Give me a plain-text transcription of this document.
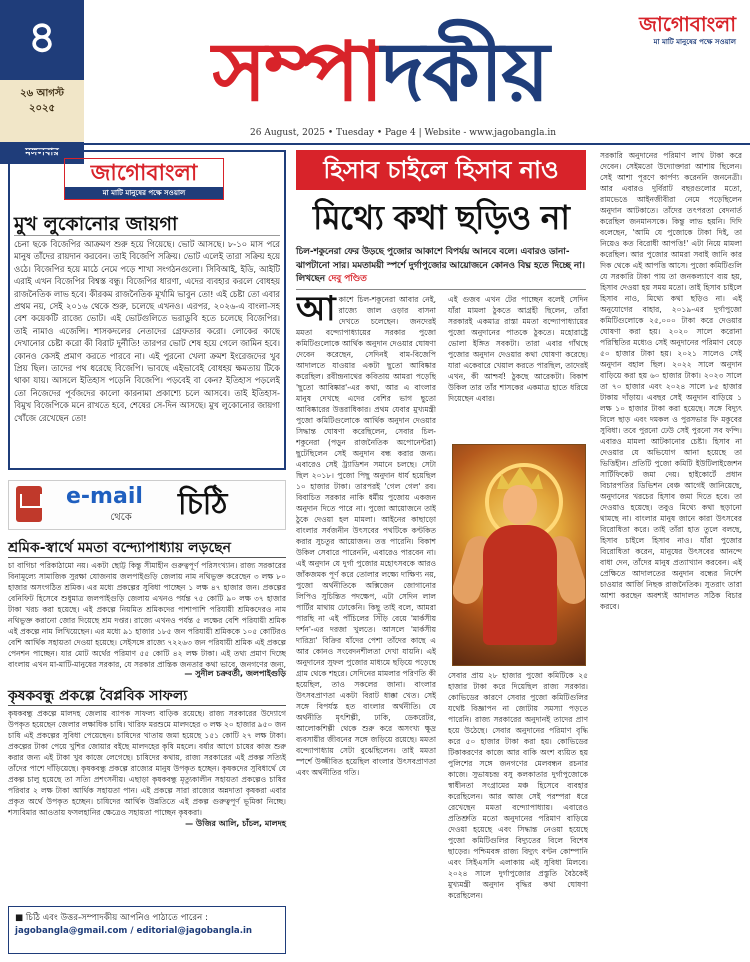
৪
২৬ আগস্ট
২০২৫
মঙ্গলবার
সম্পাদকীয়	জাগোবাংলা
মা মাটি মানুষের পক্ষে সওয়াল
26 August, 2025 • Tuesday • Page 4 | Website - www.jagobangla.in
জাগোবাংলা
মা মাটি মানুষের পক্ষে সওয়াল
মুখ লুকোনোর জায়গা
চেনা ছকে বিজেপির আক্রমণ শুরু হয়ে গিয়েছে। ভোট আসছে। ৮-১০ মাস পরে মানুষ তাঁদের রায়দান করবেন। তাই বিজেপি সক্রিয়। ভোট এলেই তারা সক্রিয় হয়ে ওঠে। বিজেপির হয়ে মাঠে নেমে পড়ে শাখা সংগঠনগুলো। সিবিআই, ইডি, আইটি এরাই এখন বিজেপির বিশ্বস্ত বন্ধু। বিজেপির ধারণা, এদের ব্যবহার করলে বোধহয় রাজনৈতিক লাভ হবে। কীরকম রাজনৈতিক মূর্খামি ভাবুন তো! এই চেষ্টা তো এবার প্রথম নয়, সেই ২০১৬ থেকে শুরু, চলেছে এখনও। এরপর, ২০২৬-এ বাংলা-সহ বেশ কয়েকটি রাজ্যে ভোট। এই ভোটগুলিতে ভরাডুবি হতে চলেছে বিজেপির। তাই নামাও এজেন্সি। শাসকদলের নেতাদের গ্রেফতার করো। লোকের কাছে দেখানোর চেষ্টা করো কী বিরাট দুর্নীতি! তারপর ভোট শেষ হয়ে গেলে জামিন হবে। কোনও কেসই প্রমাণ করতে পারবে না। এই পুরনো খেলা ক্রমশ ইংরেজদের খুব প্রিয় ছিল। তাদের পথ ধরেছে বিজেপি। ভাবছে এইভাবেই বোধহয় ক্ষমতায় টিকে থাকা যায়। আসলে ইতিহাস পড়েনি বিজেপি। পড়বেই বা কেন? ইতিহাস পড়লেই তো নিজেদের পূর্বজদের কালো কারনামা প্রকাশ্যে চলে আসবে। তাই ইতিহাস-বিমুখ বিজেপিকে মনে রাখতে হবে, শেষের সে-দিন আসছে। মুখ লুকোনোর জায়গা খোঁজে রেখেছেন তো!
e-mail
থেকে	চিঠি
শ্রমিক-স্বার্থে মমতা বন্দ্যোপাধ্যায় লড়ছেন
চা বাগিচা পরিকাঠামো নয়। একটা ছোট্ট কিন্তু সীমাহীন গুরুত্বপূর্ণ পরিসংখ্যান। রাজ্য সরকারের বিনামূল্যে সামাজিক সুরক্ষা যোজনায় জলপাইগুড়ি জেলায় নাম নথিভুক্ত করেছেন ৩ লক্ষ ৮০ হাজার অসংগঠিত শ্রমিক। এর মধ্যে প্রকল্পের সুবিধা পাচ্ছেন ১ লক্ষ ৪৭ হাজার জন। প্রকল্পের বেনিফিট হিসেবে শুধুমাত্র জলপাইগুড়ি জেলায় এখনও পর্যন্ত ৭৫ কোটি ৯০ লক্ষ ৩৭ হাজার টাকা খরচ করা হয়েছে। এই প্রকল্পে নিয়মিত শ্রমিকদের পাশাপাশি পরিযায়ী শ্রমিকদেরও নাম নথিভুক্ত করানো জোর দিয়েছে শ্রম দপ্তর। রাজ্যে এখনও পর্যন্ত ৫ লক্ষের বেশি পরিযায়ী শ্রমিক এই প্রকল্পে নাম লিখিয়েছেন। এর মধ্যে ৯১ হাজার ১৮৫ জন পরিযায়ী শ্রমিককে ১০৫ কোটিরও বেশি আর্থিক সহায়তা দেওয়া হয়েছে। সেইসঙ্গে রাজ্যে ৭২২৬৩ জন পরিযায়ী শ্রমিক এই প্রকল্পে পেনশন পাচ্ছেন। যার মোট অর্থের পরিমাণ ৫৫ কোটি ৪২ লক্ষ টাকা। এই তথ্য প্রমাণ দিচ্ছে বাংলায় এখন মা-মাটি-মানুষের সরকার, যে সরকার প্রান্তিক জনতার কথা ভাবে, জনগণের জন্য,
— সুনীল চক্রবর্তী, জলপাইগুড়ি
কৃষকবন্ধু প্রকল্পে বৈপ্লবিক সাফল্য
কৃষকবন্ধু প্রকল্পে মালদহ জেলায় ব্যাপক সাফল্য বাড়িক রয়েছে। রাজ্য সরকারের উদ্যোগে উপকৃত হয়েছেন জেলার লক্ষাধিক চাষি। খারিফ মরশুমে মালদহের ৩ লক্ষ ২০ হাজার ৯৫০ জন চাষি এই প্রকল্পের সুবিধা পেয়েছেন। চাষিদের খাতায় জমা হয়েছে ১৫১ কোটি ২৭ লক্ষ টাকা। প্রকল্পের টাকা পেয়ে খুশির জোয়ার বইছে মালদহের কৃষি মহলে। বর্ষার আগে চাষের কাজ শুরু করার জন্য এই টাকা খুব কাজে লেগেছে। চাষিদের কথায়, রাজ্য সরকারের এই প্রকল্প সত্যিই তাঁদের পাশে দাঁড়িয়েছে। কৃষকবন্ধু প্রকল্পে রাজ্যের মানুষ উপকৃত হচ্ছেন। কৃষকদের সুবিধার্থে যে প্রকল্প চালু হয়েছে তা সত্যি প্রশংসনীয়। এছাড়া কৃষকবন্ধু মৃত্যুকালীন সহায়তা প্রকল্পেও চাষির পরিবার ২ লক্ষ টাকা আর্থিক সহায়তা পান। এই প্রকল্পে সারা রাজ্যের অন্নদাতা কৃষকরা এবার প্রকৃত অর্থে উপকৃত হচ্ছেন। চাষিদের আর্থিক উন্নতিতে এই প্রকল্প গুরুত্বপূর্ণ ভূমিকা নিচ্ছে। শস্যবিমার আওতায় ফসলহানির ক্ষেত্রেও সহায়তা পাচ্ছেন কৃষকরা।
— উজির আলি, চাঁচল, মালদহ
■ চিঠি এবং উত্তর-সম্পাদকীয় আপনিও পাঠাতে পারেন :
jagobangla@gmail.com / editorial@jagobangla.in
হিসাব চাইলে হিসাব নাও
মিথ্যে কথা ছড়িও না
চিল-শকুনেরা ফের উড়ছে পুজোর আকাশে বিপর্যয় আনবে বলে। এবারও ডানা-ঝাপটানো সার। মমতাময়ী স্পর্শে দুর্গাপুজোর আয়োজনে কোনও বিঘ্ন হতে দিচ্ছে না। লিখছেন দেবু পণ্ডিত
আকাশে চিল-শকুনেরা আবার নেই, রাজ্যে জাল ওড়ার বাসনা দেখতে চলেছেন। জনদেরই মমতা বন্দ্যোপাধ্যায়ের সরকার পুজো কমিটিগুলোকে আর্থিক অনুদান দেওয়ার ঘোষণা দেবেন করেছেন, সেদিনই বাম-বিজেপি আদালতে যাওয়ার একটা ছুতো আবিষ্কার করেছিল। রবীন্দ্রনাথের কবিতায় আমরা পড়েছি 'ছুতো আবিষ্কার'-এর কথা, আর এ বাংলার মানুষ দেখছে এদের বেশির ভাগ ছুতো আবিষ্কারের উত্তরাধিকার। প্রথম যেবার মুখ্যমন্ত্রী পুজো কমিটিগুলোকে আর্থিক অনুদান দেওয়ার সিদ্ধান্ত ঘোষণা করেছিলেন, সেবার চিল-শকুনেরা (পড়ুন রাজনৈতিক অপোনেন্টরা) ছুটেছিলেন সেই অনুদান বন্ধ করার জন্য। এবারেও সেই ট্র্যাডিশন সমানে চলছে। সেটা ছিল ২০১৮। পুজো পিছু অনুদান ধার্য হয়েছিল ১০ হাজার টাকা। তারপরই 'গেল গেল' রব। বিবাচিত সরকার নাকি ধর্মীয় পুজোয় একজন অনুদান দিতে পারে না। পুজো আয়োজনে তাই ঠুকে দেওয়া হল মামলা। আইনের কাছাড়ো বাংলার সর্বজনীন উৎসবের পথটিকে কণ্টকিত করার সুচতুর আয়োজন। তত্ত পারেনি। বিকাশ উকিল সেবারে পারেননি, এবারেও পারবেন না। এই অনুদান যে দুর্গা পুজোর মহোৎসবকে আরও জাঁকজমক পূর্ণ করে তোলার লক্ষ্যে দাক্ষিণ্য নয়, পুজো অর্থনীতিকে অক্সিজেন জোগানোর লিপিও সুচিন্তিত পদক্ষেপ, এটা সেদিন লাল পার্টির মাথায় ঢোকেনি। কিছু তাই বলে, আমরা পারছি না এই পাঁচিলের সিঁড়ি বেয়ে 'মার্কসীয় দর্শন'-এর দরজা খুলতে। আসলে 'মার্কসীয় দারিদ্র্য' বিক্রির যাঁদের পেশা তাঁদের কাছে এ আর কোনও সংবেদনশীলতা দেখা যায়নি। এই অনুদানের সুফল পুজোর মাধ্যমে ছড়িয়ে পড়েছে গ্রাম থেকে শহরে। সেদিনের মামলার পরিণতি কী হয়েছিল, তাও সকলের জানা। বাংলার উৎসবপ্রাণতা একটা বিরাট ধাক্কা খেত। সেই সঙ্গে বিপর্যস্ত হত বাংলার অর্থনীতি। যে অর্থনীতি মৃৎশিল্পী, ঢাকি, ডেকরেটর, আলোকশিল্পী থেকে শুরু করে অসংখ্য ক্ষুদ্র ব্যবসায়ীর জীবনের সঙ্গে জড়িয়ে রয়েছে। মমতা বন্দ্যোপাধ্যায় সেটা বুঝেছিলেন। তাই মমতা স্পর্শে উজ্জীবিত হয়েছিল বাংলার উৎসবপ্রাণতা এবং অর্থনীতির গতি।
এই গুজব এখন টের পাচ্ছেন বলেই সেদিন যাঁরা মামলা ঠুকতে আগ্রহী ছিলেন, তাঁরা সরকারই একমাত্র রাস্তা মমতা বন্দ্যোপাধ্যায়ের পুজো অনুদানের পাতকে ঠুকতে। মহোরাষ্ট্রে ভোলা ইঙ্গিত সবকটা। তারা এবার গাঁথছে পুজোর অনুদান দেওয়ার কথা ঘোষণা করেছে। যারা একেবারে খেয়াল করতে পারছিল, তাদেরই এখন, কী আশ্চর্য! ঠুকছে আরেকটা। বিকাশ উকিল তার তাঁর শাসকের একমাত্র হাতে ধরিয়ে দিয়েছেন এবার।
সেবার প্রায় ২৮ হাজার পুজো কমিটিকে ২৫ হাজার টাকা করে দিয়েছিল রাজ্য সরকার। কোভিডের কারণে সেবার পুজো কমিটিগুলির যথেষ্ট বিজ্ঞাপন না জোটায় সমস্যা পড়তে পারেনি। রাজ্য সরকারের অনুদানই তাদের প্রাণ হয়ে উঠেছে। সেবার অনুদানের পরিমাণ বৃদ্ধি করে ৫০ হাজার টাকা করা হয়। কোভিডের টিকাকরণের কাজে আর বাকি অংশ ব্যয়িত হয় পুলিশের সঙ্গে জনগণের মেলবন্ধন রচনার কাজে। সুভাষচন্দ্র বসু কলকাতার দুর্গাপুজোকে স্বাধীনতা সংগ্রামের মঞ্চ হিসেবে ব্যবহার করেছিলেন। আর আজ সেই পরম্পরা ধরে রেখেছেন মমতা বন্দ্যোপাধ্যায়। এবারেও প্রতিশ্রুতি মতো অনুদানের পরিমাণ বাড়িয়ে দেওয়া হয়েছে এবং সিদ্ধান্ত নেওয়া হয়েছে পুজো কমিটিগুলির বিদ্যুতের বিলে বিশেষ ছাড়ের। পশ্চিমবঙ্গ রাজ্য বিদ্যুৎ বণ্টন কোম্পানি এবং সিইএসসি এলাকায় এই সুবিধা মিলবে। ২০২৪ সালে দুর্গাপুজোর প্রস্তুতি বৈঠকেই মুখ্যমন্ত্রী অনুদান বৃদ্ধির কথা ঘোষণা করেছিলেন।
সরকারি অনুদানের পরিমাণ লাখ টাকা করে দেবেন। সেইমতো উদ্যোক্তারা আশায় ছিলেন। সেই আশা পূরণে কার্পণ্য করেননি জননেত্রী। আর এবারও দুর্বিরাট বছরগুলোর মতো, রামভেঙে আইনজীবীরা নেমে পড়েছিলেন অনুদান আটকাতে। তাঁদের তৎপরতা বেদনার্ত করেছিল জনমানসকে। কিন্তু লাভ হয়নি। দিদি বলেছেন, 'আমি যে পুজোকে টাকা দিই, তা নিয়েও কত বিরোধী আপত্তি!' এটা নিয়ে মামলা করেছিল। আর পুজোর আমরা সবাই জানি কার দিক থেকে এই আপত্তি আসে। পুজো কমিটিগুলি যে সরকারি টাকা পায় তা জনকল্যাণে ব্যয় হয়, হিসাব দেওয়া হয় সময় মতো। তাই হিসাব চাইলে হিসাব নাও, মিথ্যে কথা ছড়িও না। এই অনুযোগের বাহার, ২০১৯-এর দুর্গাপুজো কমিটিগুলোকে ২৫,০০০ টাকা করে দেওয়ার ঘোষণা করা হয়। ২০২০ সালে করোনা পরিস্থিতির মধ্যেও সেই অনুদানের পরিমাণ বেড়ে ৫০ হাজার টাকা হয়। ২০২১ সালেও সেই অনুদান বহাল ছিল। ২০২২ সালে অনুদান বাড়িয়ে করা হয় ৬০ হাজার টাকা। ২০২৩ সালে তা ৭০ হাজার এবং ২০২৪ সালে ৮৫ হাজার টাকায় দাঁড়ায়। এবছর সেই অনুদান বাড়িয়ে ১ লক্ষ ১০ হাজার টাকা করা হয়েছে। সঙ্গে বিদ্যুৎ বিলে ছাড় এবং দমকল ও পুরসভার ফি মকুবের সুবিধা। তবে পুরনো ঢেউ সেই পুরনো সব ফন্দি। এবারও মামলা আটকানোর চেষ্টা। হিসাব না দেওয়ার যে অভিযোগ আনা হয়েছে তা ভিত্তিহীন। প্রতিটি পুজো কমিটি ইউটিলাইজেশন সার্টিফিকেট জমা দেয়। হাইকোর্টে প্রধান বিচারপতির ডিভিশন বেঞ্চ আগেই জানিয়েছে, অনুদানের খরচের হিসাব জমা দিতে হবে। তা দেওয়াও হয়েছে। তবুও মিথ্যে কথা ছড়ানো থামছে না। বাংলার মানুষ জানে কারা উৎসবের বিরোধিতা করে। তাই তাঁরা হাত তুলে বলছে, হিসাব চাইলে হিসাব নাও। যাঁরা পুজোর বিরোধিতা করেন, মানুষের উৎসবের আনন্দে বাধা দেন, তাঁদের মানুষ প্রত্যাখ্যান করবেন। এই প্রেক্ষিতে আদালতের অনুদান বন্ধের নির্দেশ চাওয়ার আর্জি নিছক রাজনৈতিক। সুতরাং তারা আশা করছেন অবশ্যই আদালত সঠিক বিচার করবে।
